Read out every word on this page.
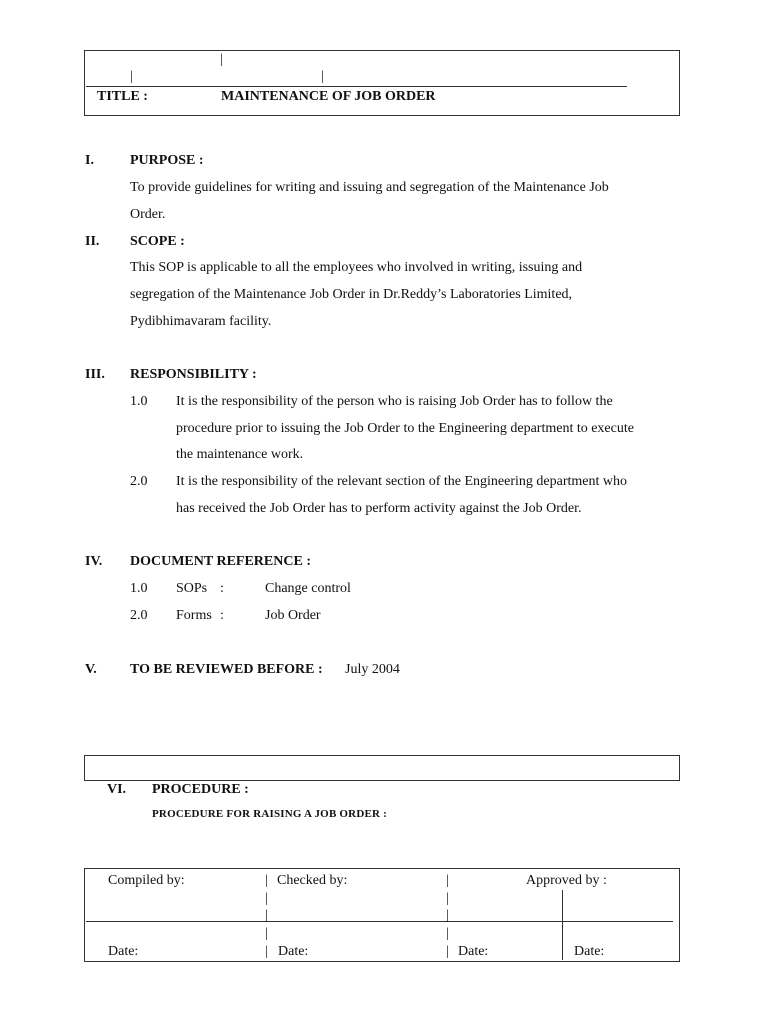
|
|	|
TITLE :	MAINTENANCE OF JOB ORDER
I.	PURPOSE :
To provide guidelines for writing and issuing and segregation of the Maintenance Job
Order.
II. SCOPE :
This SOP is applicable to all the employees who involved in writing, issuing and
segregation of the Maintenance Job Order in Dr.Reddy’s Laboratories Limited,
Pydibhimavaram facility.
III. RESPONSIBILITY :
1.0 It is the responsibility of the person who is raising Job Order has to follow the
procedure prior to issuing the Job Order to the Engineering department to execute
the maintenance work.
2.0 It is the responsibility of the relevant section of the Engineering department who
has received the Job Order has to perform activity against the Job Order.
IV. DOCUMENT REFERENCE :
1.0 SOPs :	Change control
2.0 Forms :	Job Order
V. TO BE REVIEWED BEFORE : July 2004
VI. PROCEDURE :
PROCEDURE FOR RAISING A JOB ORDER :
Compiled by:	| Checked by:	|	Approved by :
|	|
|	|
|	|
Date:	| Date:	| Date:	Date:
